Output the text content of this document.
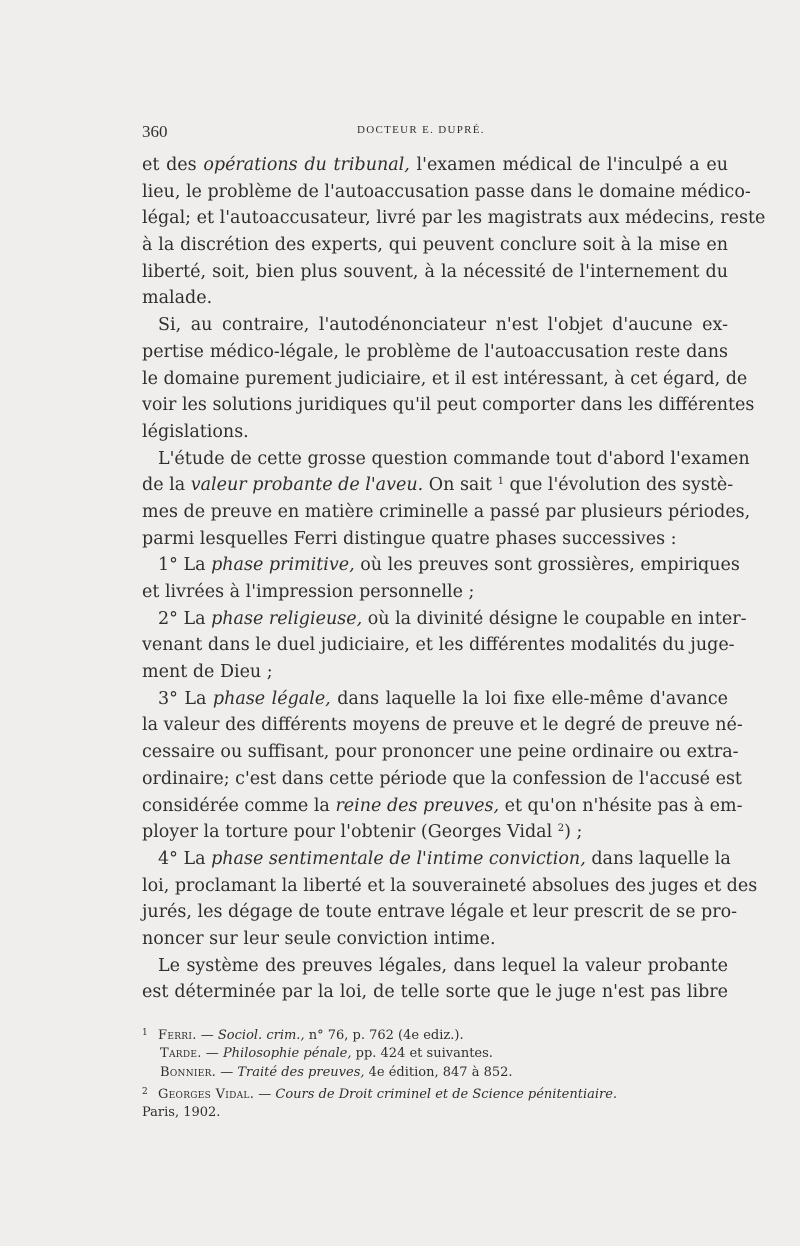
360	DOCTEUR E. DUPRÉ.
et des opérations du tribunal, l'examen médical de l'inculpé a eu
lieu, le problème de l'autoaccusation passe dans le domaine médico-
légal; et l'autoaccusateur, livré par les magistrats aux médecins, reste
à la discrétion des experts, qui peuvent conclure soit à la mise en
liberté, soit, bien plus souvent, à la nécessité de l'internement du
malade.
Si, au contraire, l'autodénonciateur n'est l'objet d'aucune ex-
pertise médico-légale, le problème de l'autoaccusation reste dans
le domaine purement judiciaire, et il est intéressant, à cet égard, de
voir les solutions juridiques qu'il peut comporter dans les différentes
législations.
L'étude de cette grosse question commande tout d'abord l'examen
de la valeur probante de l'aveu. On sait $^1$ que l'évolution des systè-
mes de preuve en matière criminelle a passé par plusieurs périodes,
parmi lesquelles Ferri distingue quatre phases successives :
1° La phase primitive, où les preuves sont grossières, empiriques
et livrées à l'impression personnelle ;
2° La phase religieuse, où la divinité désigne le coupable en inter-
venant dans le duel judiciaire, et les différentes modalités du juge-
ment de Dieu ;
3° La phase légale, dans laquelle la loi fixe elle-même d'avance
la valeur des différents moyens de preuve et le degré de preuve né-
cessaire ou suffisant, pour prononcer une peine ordinaire ou extra-
ordinaire; c'est dans cette période que la confession de l'accusé est
considérée comme la reine des preuves, et qu'on n'hésite pas à em-
ployer la torture pour l'obtenir (Georges Vidal $^2$) ;
4° La phase sentimentale de l'intime conviction, dans laquelle la
loi, proclamant la liberté et la souveraineté absolues des juges et des
jurés, les dégage de toute entrave légale et leur prescrit de se pro-
noncer sur leur seule conviction intime.
Le système des preuves légales, dans lequel la valeur probante
est déterminée par la loi, de telle sorte que le juge n'est pas libre
1 Ferri. — Sociol. crim., n° 76, p. 762 (4e ediz.).
Tarde. — Philosophie pénale, pp. 424 et suivantes.
Bonnier. — Traité des preuves, 4e édition, 847 à 852.
2 Georges Vidal. — Cours de Droit criminel et de Science pénitentiaire.
Paris, 1902.
